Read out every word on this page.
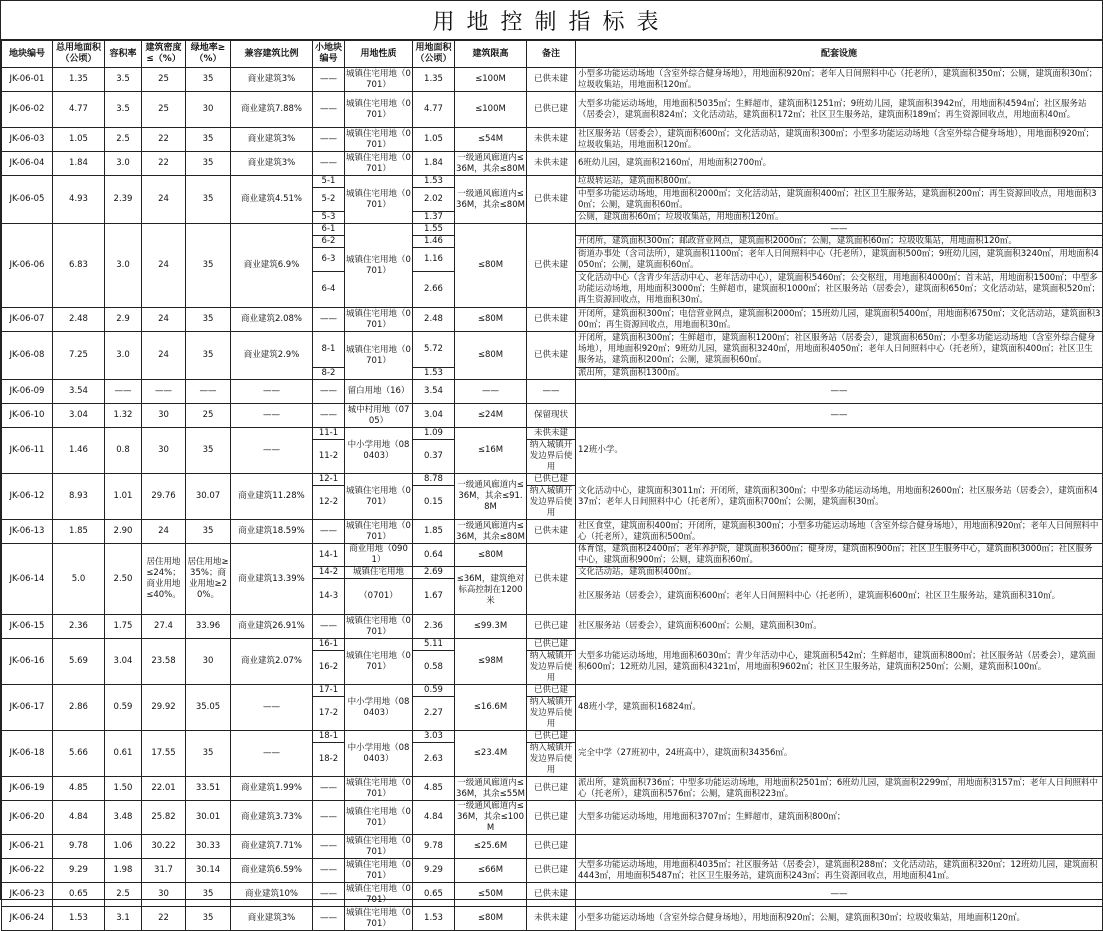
用地控制指标表
地块编号	总用地面积（公顷）	容积率	建筑密度≤（%）	绿地率≥（%）	兼容建筑比例	小地块编号	用地性质	用地面积（公顷）	建筑限高	备注	配套设施
JK-06-01	1.35	3.5	25	35	商业建筑3%	——	城镇住宅用地（0701）	1.35	≤100M	已供未建	小型多功能运动场地（含室外综合健身场地），用地面积920㎡；老年人日间照料中心（托老所），建筑面积350㎡；公厕，建筑面积30㎡；垃圾收集站，用地面积120㎡。
JK-06-02	4.77	3.5	25	30	商业建筑7.88%	——	城镇住宅用地（0701）	4.77	≤100M	已供已建	大型多功能运动场地，用地面积5035㎡；生鲜超市，建筑面积1251㎡；9班幼儿园，建筑面积3942㎡，用地面积4594㎡；社区服务站（居委会），建筑面积824㎡；文化活动站，建筑面积172㎡；社区卫生服务站，建筑面积189㎡；再生资源回收点，用地面积40㎡。
JK-06-03	1.05	2.5	22	35	商业建筑3%	——	城镇住宅用地（0701）	1.05	≤54M	未供未建	社区服务站（居委会），建筑面积600㎡；文化活动站，建筑面积300㎡；小型多功能运动场地（含室外综合健身场地），用地面积920㎡；垃圾收集站，用地面积120㎡。
JK-06-04	1.84	3.0	22	35	商业建筑3%	——	城镇住宅用地（0701）	1.84	一级通风廊道内≤36M，其余≤80M	未供未建	6班幼儿园，建筑面积2160㎡，用地面积2700㎡。
JK-06-05	4.93	2.39	24	35	商业建筑4.51%	5-1	城镇住宅用地（0701）	1.53	一级通风廊道内≤36M，其余≤80M	已供未建	垃圾转运站，建筑面积800㎡。
						5-2		2.02			中型多功能运动场地，用地面积2000㎡；文化活动站，建筑面积400㎡；社区卫生服务站，建筑面积200㎡；再生资源回收点，用地面积30㎡；公厕，建筑面积60㎡。
						5-3		1.37			公厕，建筑面积60㎡；垃圾收集站，用地面积120㎡。
JK-06-06	6.83	3.0	24	35	商业建筑6.9%	6-1	城镇住宅用地（0701）	1.55	≤80M	已供未建	——
						6-2		1.46			开闭所，建筑面积300㎡；邮政营业网点，建筑面积2000㎡；公厕，建筑面积60㎡；垃圾收集站，用地面积120㎡。
						6-3		1.16			街道办事处（含司法所），建筑面积1100㎡；老年人日间照料中心（托老所），建筑面积500㎡；9班幼儿园，建筑面积3240㎡，用地面积4050㎡；公厕，建筑面积60㎡。
						6-4		2.66			文化活动中心（含青少年活动中心、老年活动中心），建筑面积5460㎡；公交枢纽，用地面积4000㎡；首末站，用地面积1500㎡；中型多功能运动场地，用地面积3000㎡；生鲜超市，建筑面积1000㎡；社区服务站（居委会），建筑面积650㎡；文化活动站，建筑面积520㎡；再生资源回收点，用地面积30㎡。
JK-06-07	2.48	2.9	24	35	商业建筑2.08%	——	城镇住宅用地（0701）	2.48	≤80M	已供未建	开闭所，建筑面积300㎡；电信营业网点，建筑面积2000㎡；15班幼儿园，建筑面积5400㎡，用地面积6750㎡；文化活动站，建筑面积300㎡；再生资源回收点，用地面积30㎡。
JK-06-08	7.25	3.0	24	35	商业建筑2.9%	8-1	城镇住宅用地（0701）	5.72	≤80M	已供未建	开闭所，建筑面积300㎡；生鲜超市，建筑面积1200㎡；社区服务站（居委会），建筑面积650㎡；小型多功能运动场地（含室外综合健身场地），用地面积920㎡；9班幼儿园，建筑面积3240㎡，用地面积4050㎡；老年人日间照料中心（托老所），建筑面积400㎡；社区卫生服务站，建筑面积200㎡；公厕，建筑面积60㎡。
						8-2		1.53			派出所，建筑面积1300㎡。
JK-06-09	3.54	——	——	——	——	——	留白用地（16）	3.54	——	——	——
JK-06-10	3.04	1.32	30	25	——	——	城中村用地（0705）	3.04	≤24M	保留现状	——
JK-06-11	1.46	0.8	30	35	——	11-1	中小学用地（080403）	1.09	≤16M	未供未建	12班小学。
						11-2		0.37		纳入城镇开发边界后使用	
JK-06-12	8.93	1.01	29.76	30.07	商业建筑11.28%	12-1	城镇住宅用地（0701）	8.78	一级通风廊道内≤36M，其余≤91.8M	已供已建	文化活动中心，建筑面积3011㎡；开闭所，建筑面积300㎡；中型多功能运动场地，用地面积2600㎡；社区服务站（居委会），建筑面积437㎡；老年人日间照料中心（托老所），建筑面积700㎡；公厕，建筑面积30㎡。
						12-2		0.15		纳入城镇开发边界后使用	
JK-06-13	1.85	2.90	24	35	商业建筑18.59%	——	城镇住宅用地（0701）	1.85	一级通风廊道内≤36M，其余≤80M	已供未建	社区食堂，建筑面积400㎡；开闭所，建筑面积300㎡；小型多功能运动场地（含室外综合健身场地），用地面积920㎡；老年人日间照料中心（托老所），建筑面积500㎡。
JK-06-14	5.0	2.50	居住用地≤24%；商业用地≤40%。	居住用地≥35%；商业用地≥20%。	商业建筑13.39%	14-1	商业用地（0901）	0.64	≤80M	已供未建	体育馆，建筑面积2400㎡；老年养护院，建筑面积3600㎡；健身房，建筑面积900㎡；社区卫生服务中心，建筑面积3000㎡；社区服务中心，建筑面积900㎡；公厕，建筑面积60㎡。
						14-2	城镇住宅用地	2.69	≤36M，建筑绝对标高控制在1200米		文化活动站，建筑面积400㎡。
						14-3	（0701）	1.67			社区服务站（居委会），建筑面积600㎡；老年人日间照料中心（托老所），建筑面积600㎡；社区卫生服务站，建筑面积310㎡。
JK-06-15	2.36	1.75	27.4	33.96	商业建筑26.91%	——	城镇住宅用地（0701）	2.36	≤99.3M	已供已建	社区服务站（居委会），建筑面积600㎡；公厕，建筑面积30㎡。
JK-06-16	5.69	3.04	23.58	30	商业建筑2.07%	16-1	城镇住宅用地（0701）	5.11	≤98M	已供已建	大型多功能运动场地，用地面积6030㎡；青少年活动中心，建筑面积542㎡；生鲜超市，建筑面积800㎡；社区服务站（居委会），建筑面积600㎡；12班幼儿园，建筑面积4321㎡，用地面积9602㎡；社区卫生服务站，建筑面积250㎡；公厕，建筑面积100㎡。
						16-2		0.58		纳入城镇开发边界后使用	
JK-06-17	2.86	0.59	29.92	35.05	——	17-1	中小学用地（080403）	0.59	≤16.6M	已供已建	48班小学，建筑面积16824㎡。
						17-2		2.27		纳入城镇开发边界后使用	
JK-06-18	5.66	0.61	17.55	35	——	18-1	中小学用地（080403）	3.03	≤23.4M	已供已建	完全中学（27班初中，24班高中），建筑面积34356㎡。
						18-2		2.63		纳入城镇开发边界后使用	
JK-06-19	4.85	1.50	22.01	33.51	商业建筑1.99%	——	城镇住宅用地（0701）	4.85	一级通风廊道内≤36M，其余≤55M	已供已建	派出所，建筑面积736㎡；中型多功能运动场地，用地面积2501㎡；6班幼儿园，建筑面积2299㎡，用地面积3157㎡；老年人日间照料中心（托老所），建筑面积576㎡；公厕，建筑面积223㎡。
JK-06-20	4.84	3.48	25.82	30.01	商业建筑3.73%	——	城镇住宅用地（0701）	4.84	一级通风廊道内≤36M，其余≤100M	已供已建	大型多功能运动场地，用地面积3707㎡；生鲜超市，建筑面积800㎡；
JK-06-21	9.78	1.06	30.22	30.33	商业建筑7.71%	——	城镇住宅用地（0701）	9.78	≤25.6M	已供已建	
JK-06-22	9.29	1.98	31.7	30.14	商业建筑6.59%	——	城镇住宅用地（0701）	9.29	≤66M	已供已建	大型多功能运动场地，用地面积4035㎡；社区服务站（居委会），建筑面积288㎡；文化活动站，建筑面积320㎡；12班幼儿园，建筑面积4443㎡，用地面积5487㎡；社区卫生服务站，建筑面积243㎡；再生资源回收点，用地面积41㎡。
JK-06-23	0.65	2.5	30	35	商业建筑10%	——	城镇住宅用地（0701）	0.65	≤50M	已供未建	——
JK-06-24	1.53	3.1	22	35	商业建筑3%	——	城镇住宅用地（0701）	1.53	≤80M	未供未建	小型多功能运动场地（含室外综合健身场地），用地面积920㎡；公厕，建筑面积30㎡；垃圾收集站，用地面积120㎡。
